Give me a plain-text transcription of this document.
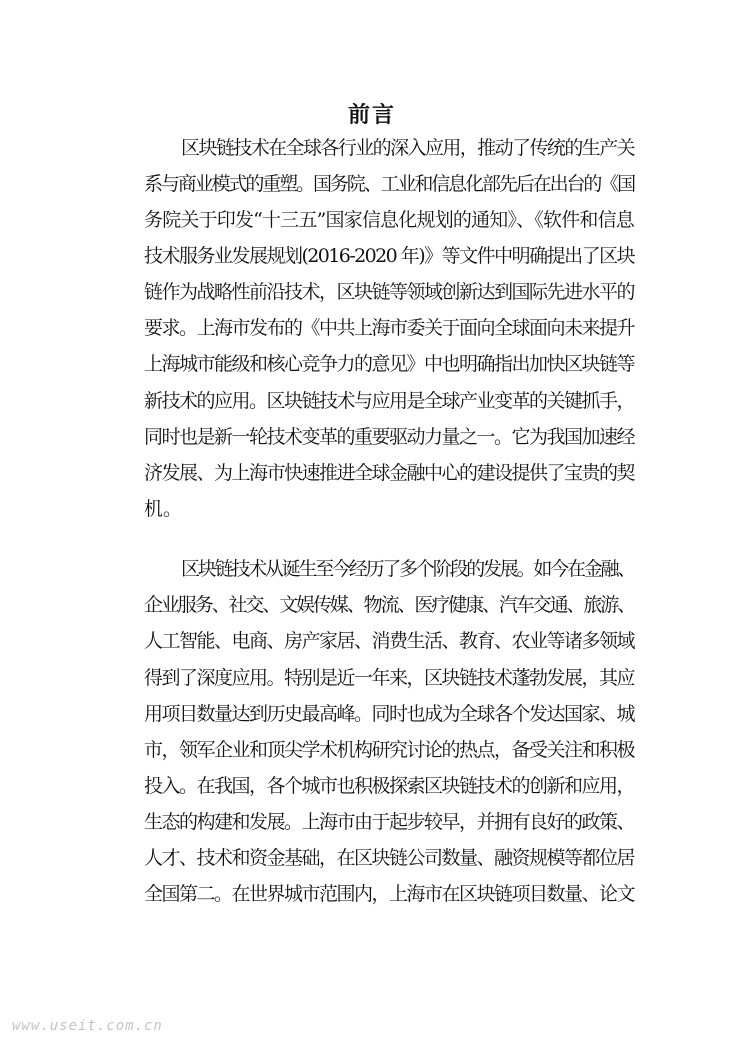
前言
区块链技术在全球各行业的深入应用，推动了传统的生产关
系与商业模式的重塑。国务院、工业和信息化部先后在出台的《国
务院关于印发“十三五”国家信息化规划的通知》、《软件和信息
技术服务业发展规划(2016-2020 年)》等文件中明确提出了区块
链作为战略性前沿技术，区块链等领域创新达到国际先进水平的
要求。上海市发布的《中共上海市委关于面向全球面向未来提升
上海城市能级和核心竞争力的意见》中也明确指出加快区块链等
新技术的应用。区块链技术与应用是全球产业变革的关键抓手，
同时也是新一轮技术变革的重要驱动力量之一。它为我国加速经
济发展、为上海市快速推进全球金融中心的建设提供了宝贵的契
机。
区块链技术从诞生至今经历了多个阶段的发展。如今在金融、
企业服务、社交、文娱传媒、物流、医疗健康、汽车交通、旅游、
人工智能、电商、房产家居、消费生活、教育、农业等诸多领域
得到了深度应用。特别是近一年来，区块链技术蓬勃发展，其应
用项目数量达到历史最高峰。同时也成为全球各个发达国家、城
市，领军企业和顶尖学术机构研究讨论的热点，备受关注和积极
投入。在我国，各个城市也积极探索区块链技术的创新和应用，
生态的构建和发展。上海市由于起步较早，并拥有良好的政策、
人才、技术和资金基础，在区块链公司数量、融资规模等都位居
全国第二。在世界城市范围内，上海市在区块链项目数量、论文
www.useit.com.cn
